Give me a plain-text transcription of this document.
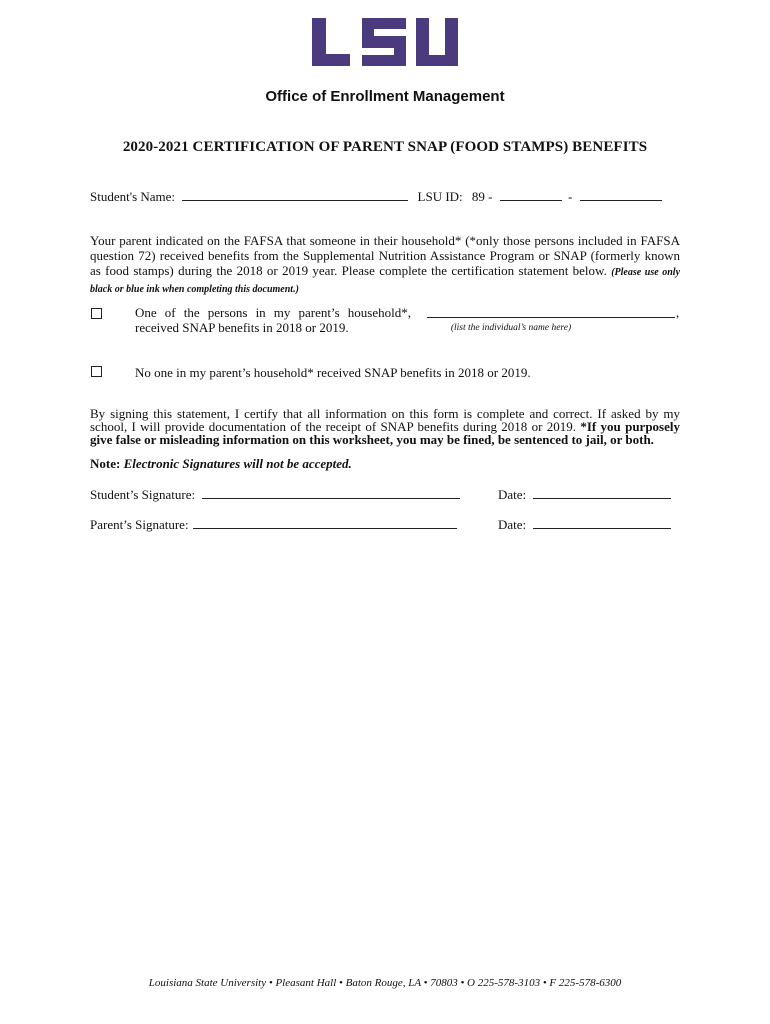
Office of Enrollment Management
2020-2021 CERTIFICATION OF PARENT SNAP (FOOD STAMPS) BENEFITS
Student's Name:	LSU ID: 89 -	-
Your parent indicated on the FAFSA that someone in their household* (*only those persons included in FAFSA question 72) received benefits from the Supplemental Nutrition Assistance Program or SNAP (formerly known as food stamps) during the 2018 or 2019 year. Please complete the certification statement below. (Please use only black or blue ink when completing this document.)
One of the persons in my parent’s household*,	,
received SNAP benefits in 2018 or 2019.	(list the individual’s name here)
No one in my parent’s household* received SNAP benefits in 2018 or 2019.
By signing this statement, I certify that all information on this form is complete and correct. If asked by my school, I will provide documentation of the receipt of SNAP benefits during 2018 or 2019. *If you purposely give false or misleading information on this worksheet, you may be fined, be sentenced to jail, or both.
Note: Electronic Signatures will not be accepted.
Student’s Signature:	Date:
Parent’s Signature:	Date:
Louisiana State University • Pleasant Hall • Baton Rouge, LA • 70803 • O 225-578-3103 • F 225-578-6300
